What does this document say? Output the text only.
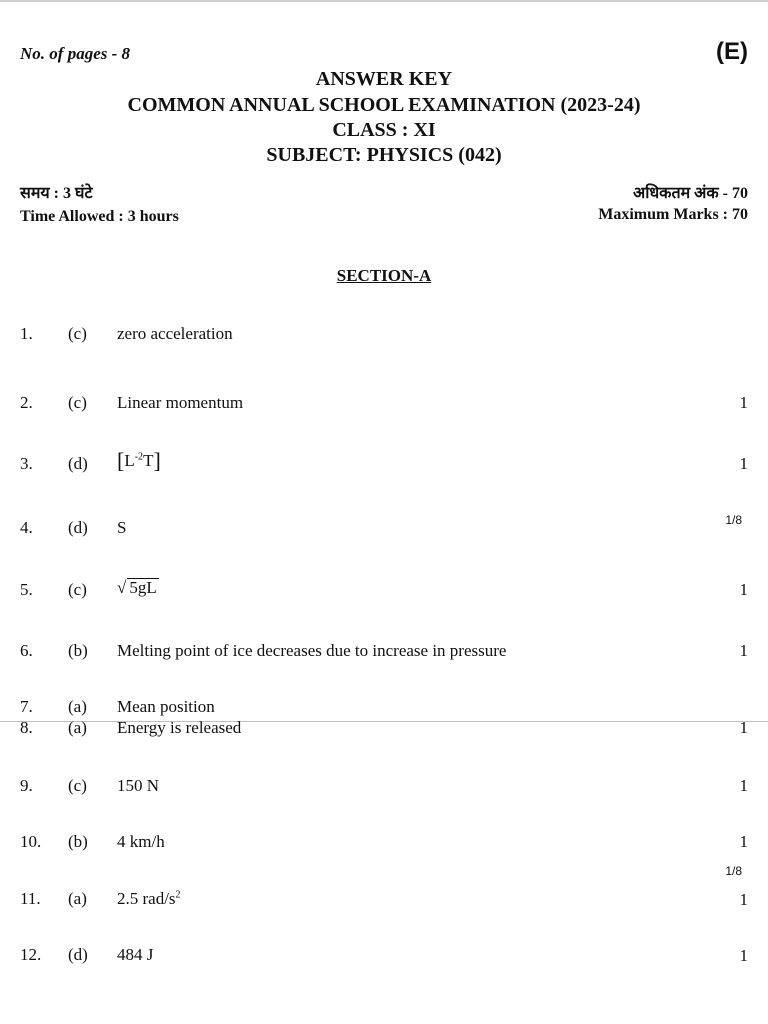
No. of pages - 8	(E)
ANSWER KEY
COMMON ANNUAL SCHOOL EXAMINATION (2023-24)
CLASS : XI
SUBJECT: PHYSICS (042)
समय : 3 घंटे	अधिकतम अंक - 70
Time Allowed : 3 hours	Maximum Marks : 70
SECTION-A
1. (c) zero acceleration
2. (c) Linear momentum	1
3. (d) $[L^{-2}T]$	1
1/8
4. (d) S
5. (c) √ 5gL	1
6. (b) Melting point of ice decreases due to increase in pressure	1
7. (a) Mean position
8. (a) Energy is released	1
9. (c) 150 N	1
10. (b) 4 km/h	1
1/8
11. (a) 2.5 rad/$s^2$	1
12. (d) 484 J	1
